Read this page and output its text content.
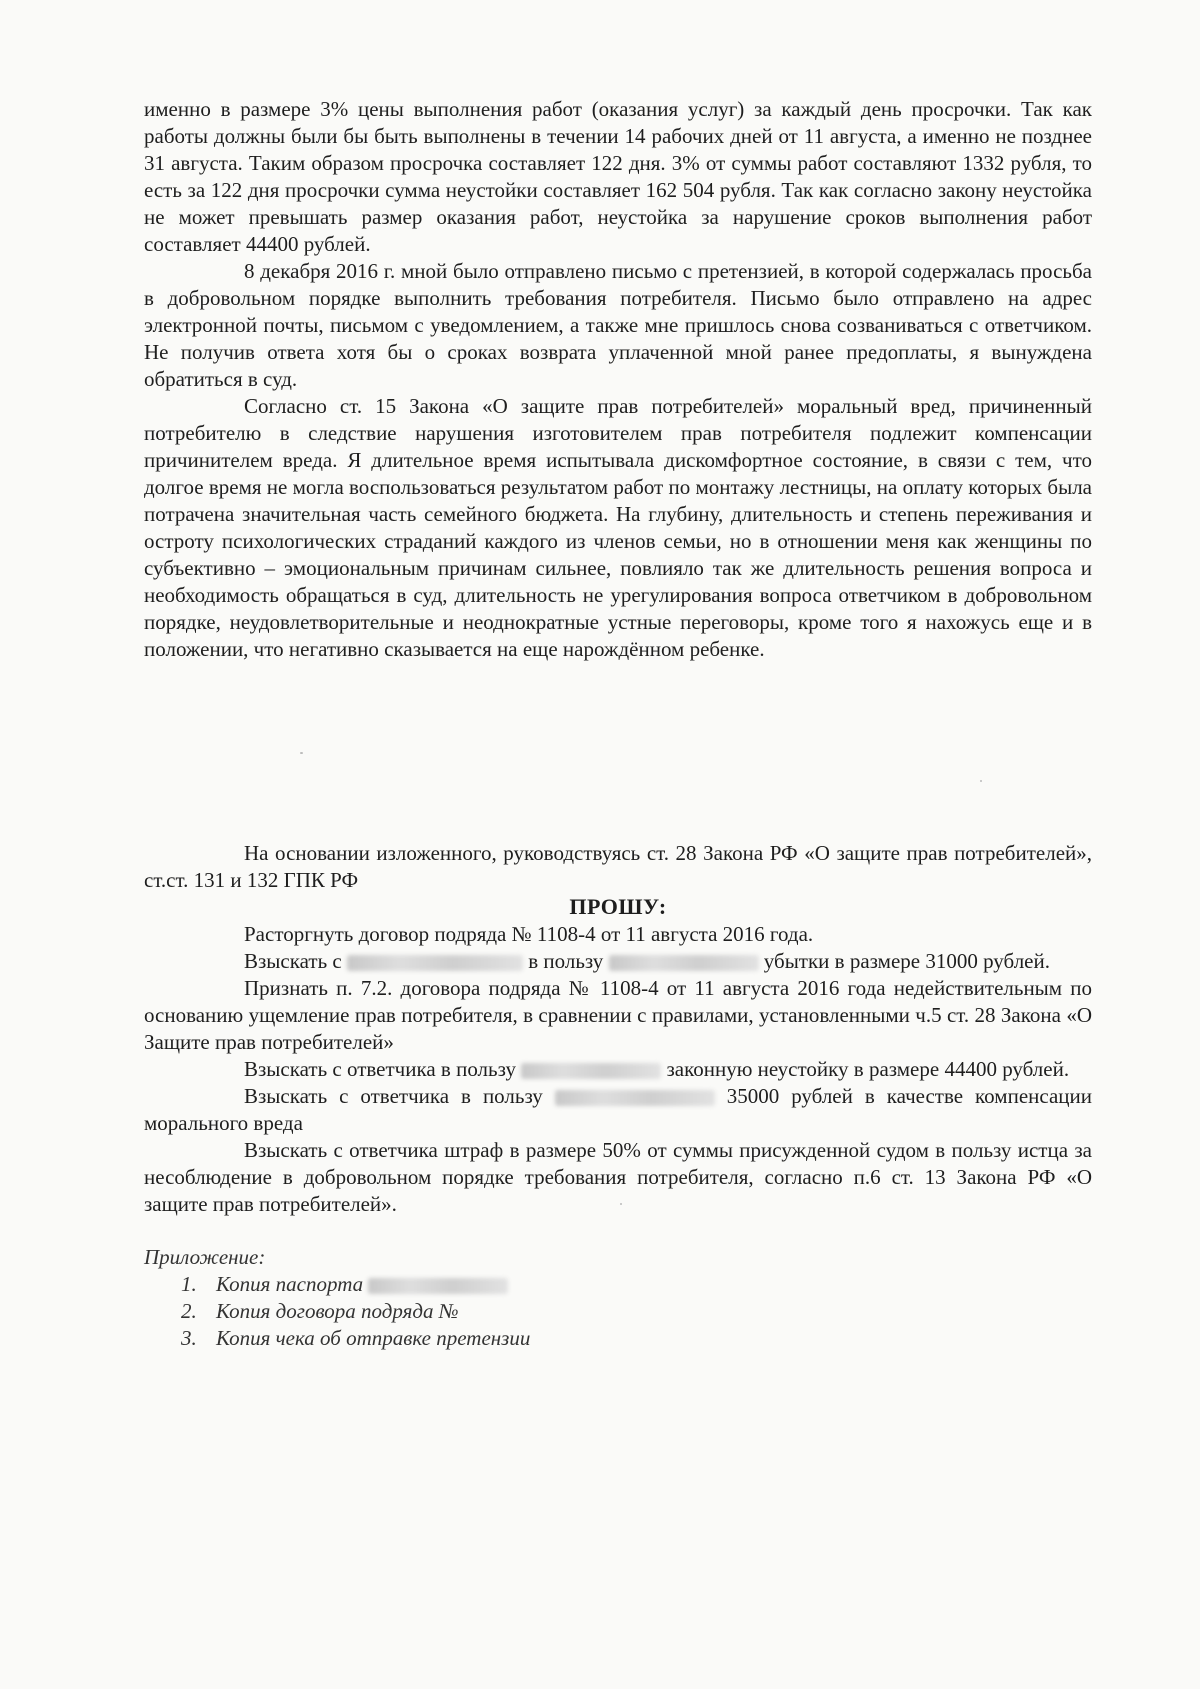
именно в размере 3% цены выполнения работ (оказания услуг) за каждый день просрочки. Так как работы должны были бы быть выполнены в течении 14 рабочих дней от 11 августа, а именно не позднее 31 августа. Таким образом просрочка составляет 122 дня. 3% от суммы работ составляют 1332 рубля, то есть за 122 дня просрочки сумма неустойки составляет 162 504 рубля. Так как согласно закону неустойка не может превышать размер оказания работ, неустойка за нарушение сроков выполнения работ составляет 44400 рублей.

8 декабря 2016 г. мной было отправлено письмо с претензией, в которой содержалась просьба в добровольном порядке выполнить требования потребителя. Письмо было отправлено на адрес электронной почты, письмом с уведомлением, а также мне пришлось снова созваниваться с ответчиком. Не получив ответа хотя бы о сроках возврата уплаченной мной ранее предоплаты, я вынуждена обратиться в суд.

Согласно ст. 15 Закона «О защите прав потребителей» моральный вред, причиненный потребителю в следствие нарушения изготовителем прав потребителя подлежит компенсации причинителем вреда. Я длительное время испытывала дискомфортное состояние, в связи с тем, что долгое время не могла воспользоваться результатом работ по монтажу лестницы, на оплату которых была потрачена значительная часть семейного бюджета. На глубину, длительность и степень переживания и остроту психологических страданий каждого из членов семьи, но в отношении меня как женщины по субъективно – эмоциональным причинам сильнее, повлияло так же длительность решения вопроса и необходимость обращаться в суд, длительность не урегулирования вопроса ответчиком в добровольном порядке, неудовлетворительные и неоднократные устные переговоры, кроме того я нахожусь еще и в положении, что негативно сказывается на еще нарождённом ребенке.

На основании изложенного, руководствуясь ст. 28 Закона РФ «О защите прав потребителей», ст.ст. 131 и 132 ГПК РФ

ПРОШУ:

Расторгнуть договор подряда № 1108-4 от 11 августа 2016 года.

Взыскать с	в пользу	убытки в размере 31000 рублей.

Признать п. 7.2. договора подряда № 1108-4 от 11 августа 2016 года недействительным по основанию ущемление прав потребителя, в сравнении с правилами, установленными ч.5 ст. 28 Закона «О Защите прав потребителей»

Взыскать с ответчика в пользу	законную неустойку в размере 44400 рублей.

Взыскать с ответчика в пользу	35000 рублей в качестве компенсации морального вреда

Взыскать с ответчика штраф в размере 50% от суммы присужденной судом в пользу истца за несоблюдение в добровольном порядке требования потребителя, согласно п.6 ст. 13 Закона РФ «О защите прав потребителей».

Приложение:
1. Копия паспорта
2. Копия договора подряда №
3. Копия чека об отправке претензии
